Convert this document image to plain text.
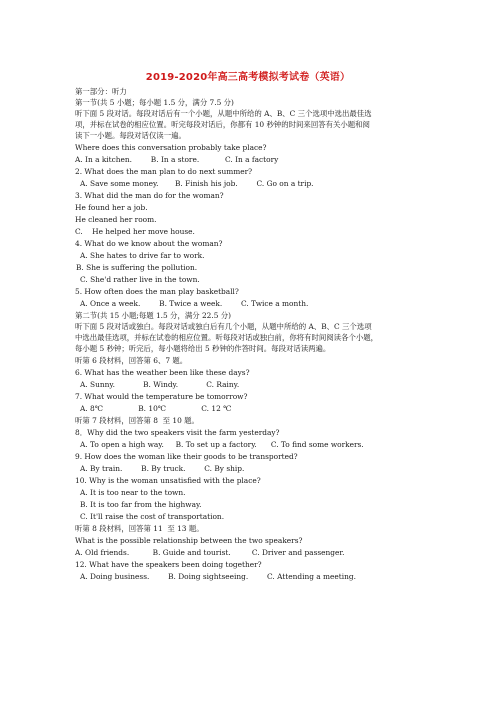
2019-2020年高三高考模拟考试卷（英语）
第一部分：听力
第一节(共 5 小题；每小题 1.5 分，满分 7.5 分)
听下面 5 段对话。每段对话后有一个小题，从题中所给的 A、B、C 三个选项中选出最佳选
项，并标在试卷的相应位置。听完每段对话后，你都有 10 秒钟的时间来回答有关小题和阅
读下一小题。每段对话仅读一遍。
Where does this conversation probably take place?
A. In a kitchen.        B. In a store.           C. In a factory
2. What does the man plan to do next summer?
A. Save some money.       B. Finish his job.        C. Go on a trip.
3. What did the man do for the woman?
He found her a job.
He cleaned her room.
C.    He helped her move house.
4. What do we know about the woman?
A. She hates to drive far to work.
B. She is suffering the pollution.
C. She'd rather live in the town.
5. How often does the man play basketball?
A. Once a week.        B. Twice a week.        C. Twice a month.
第二节(共 15 小题;每题 1.5 分，满分 22.5 分)
听下面 5 段对话或独白。每段对话或独白后有几个小题，从题中所给的 A、B、C 三个选项
中选出最佳选项，并标在试卷的相应位置。听每段对话或独白前，你将有时间阅读各个小题，
每小题 5 秒钟；听完后，每小题将给出 5 秒钟的作答时间。每段对话读两遍。
听第 6 段材料，回答第 6、7 题。
6. What has the weather been like these days?
A. Sunny.            B. Windy.            C. Rainy.
7. What would the temperature be tomorrow?
A. 8℃               B. 10℃               C. 12 ℃
听第 7 段材料，回答第 8  至 10 题。
8．Why did the two speakers visit the farm yesterday?
A. To open a high way.     B. To set up a factory.      C. To find some workers.
9. How does the woman like their goods to be transported?
A. By train.        B. By truck.        C. By ship.
10. Why is the woman unsatisfied with the place?
A. It is too near to the town.
B. It is too far from the highway.
C. It'll raise the cost of transportation.
听第 8 段材料，回答第 11  至 13 题。
What is the possible relationship between the two speakers?
A. Old friends.          B. Guide and tourist.         C. Driver and passenger.
12. What have the speakers been doing together?
A. Doing business.        B. Doing sightseeing.        C. Attending a meeting.
